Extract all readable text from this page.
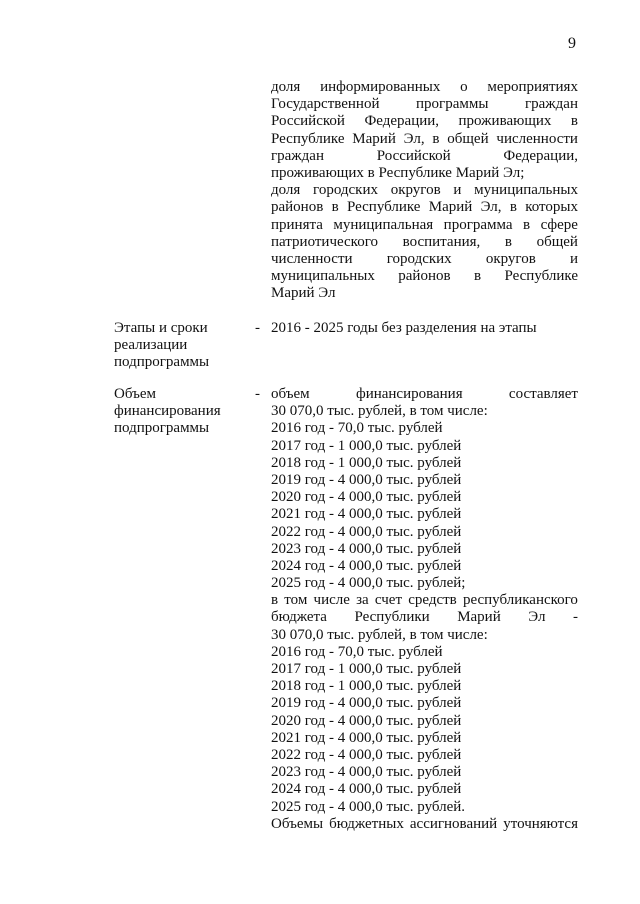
9
доля информированных о мероприятиях
Государственной программы граждан
Российской Федерации, проживающих в
Республике Марий Эл, в общей численности
граждан	Российской	Федерации,
проживающих в Республике Марий Эл;
доля городских округов и муниципальных
районов в Республике Марий Эл, в которых
принята муниципальная программа в сфере
патриотического воспитания, в общей
численности городских округов и
муниципальных районов в Республике
Марий Эл
Этапы и сроки
реализации
подпрограммы
- 2016 - 2025 годы без разделения на этапы
Объем
финансирования
подпрограммы
- объем	финансирования	составляет
30 070,0 тыс. рублей, в том числе:
2016 год - 70,0 тыс. рублей
2017 год - 1 000,0 тыс. рублей
2018 год - 1 000,0 тыс. рублей
2019 год - 4 000,0 тыс. рублей
2020 год - 4 000,0 тыс. рублей
2021 год - 4 000,0 тыс. рублей
2022 год - 4 000,0 тыс. рублей
2023 год - 4 000,0 тыс. рублей
2024 год - 4 000,0 тыс. рублей
2025 год - 4 000,0 тыс. рублей;
в том числе за счет средств республиканского
бюджета Республики Марий Эл -
30 070,0 тыс. рублей, в том числе:
2016 год - 70,0 тыс. рублей
2017 год - 1 000,0 тыс. рублей
2018 год - 1 000,0 тыс. рублей
2019 год - 4 000,0 тыс. рублей
2020 год - 4 000,0 тыс. рублей
2021 год - 4 000,0 тыс. рублей
2022 год - 4 000,0 тыс. рублей
2023 год - 4 000,0 тыс. рублей
2024 год - 4 000,0 тыс. рублей
2025 год - 4 000,0 тыс. рублей.
Объемы бюджетных ассигнований уточняются
